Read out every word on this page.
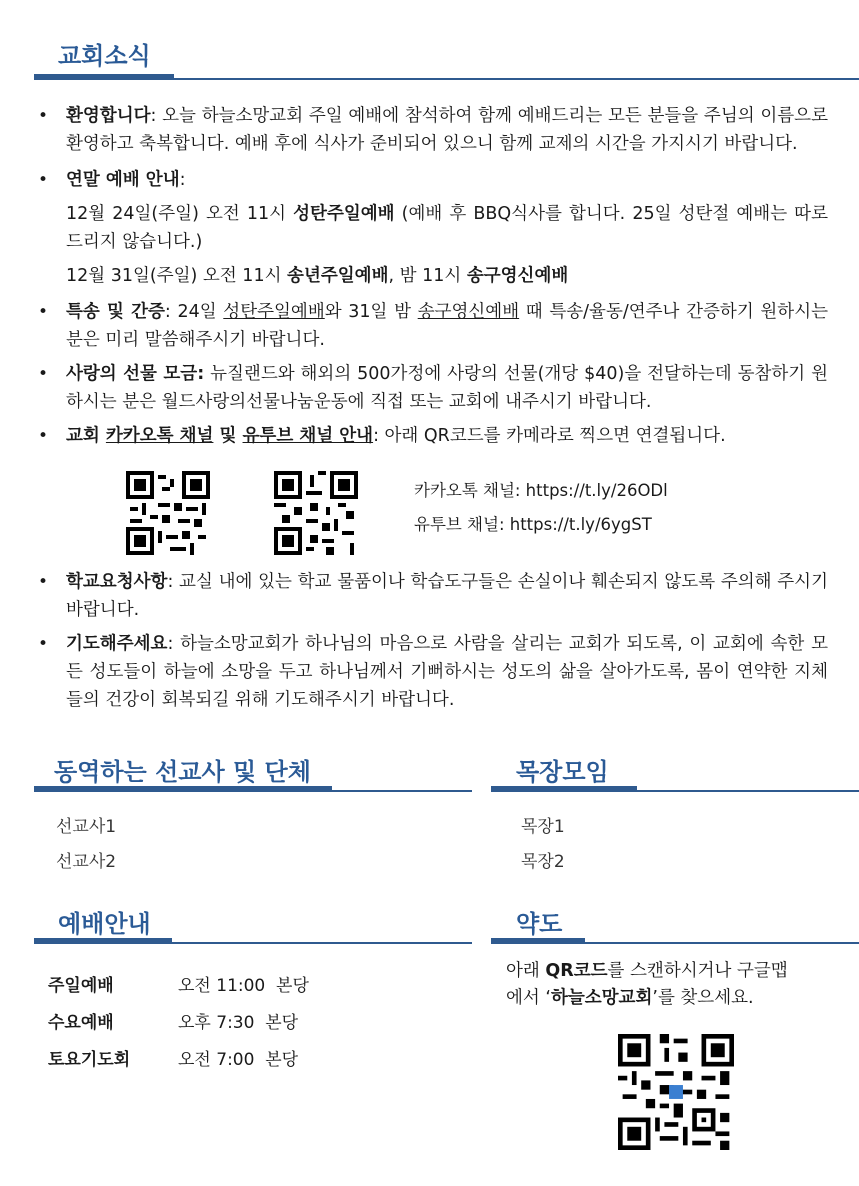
교회소식
• 환영합니다: 오늘 하늘소망교회 주일 예배에 참석하여 함께 예배드리는 모든 분들을 주님의 이름으로 환영하고 축복합니다. 예배 후에 식사가 준비되어 있으니 함께 교제의 시간을 가지시기 바랍니다.
• 연말 예배 안내:
12월 24일(주일) 오전 11시 성탄주일예배 (예배 후 BBQ식사를 합니다. 25일 성탄절 예배는 따로 드리지 않습니다.)
12월 31일(주일) 오전 11시 송년주일예배, 밤 11시 송구영신예배
• 특송 및 간증: 24일 성탄주일예배와 31일 밤 송구영신예배 때 특송/율동/연주나 간증하기 원하시는 분은 미리 말씀해주시기 바랍니다.
• 사랑의 선물 모금: 뉴질랜드와 해외의 500가정에 사랑의 선물(개당 $40)을 전달하는데 동참하기 원하시는 분은 월드사랑의선물나눔운동에 직접 또는 교회에 내주시기 바랍니다.
• 교회 카카오톡 채널 및 유투브 채널 안내: 아래 QR코드를 카메라로 찍으면 연결됩니다.
카카오톡 채널: https://t.ly/26ODl
유투브 채널: https://t.ly/6ygST
• 학교요청사항: 교실 내에 있는 학교 물품이나 학습도구들은 손실이나 훼손되지 않도록 주의해 주시기 바랍니다.
• 기도해주세요: 하늘소망교회가 하나님의 마음으로 사람을 살리는 교회가 되도록, 이 교회에 속한 모든 성도들이 하늘에 소망을 두고 하나님께서 기뻐하시는 성도의 삶을 살아가도록, 몸이 연약한 지체들의 건강이 회복되길 위해 기도해주시기 바랍니다.
동역하는 선교사 및 단체
선교사1
선교사2
목장모임
목장1
목장2
예배안내
주일예배	오전 11:00  본당
수요예배	오후 7:30  본당
토요기도회	오전 7:00  본당
약도
아래 QR코드를 스캔하시거나 구글맵에서 ‘하늘소망교회’를 찾으세요.
